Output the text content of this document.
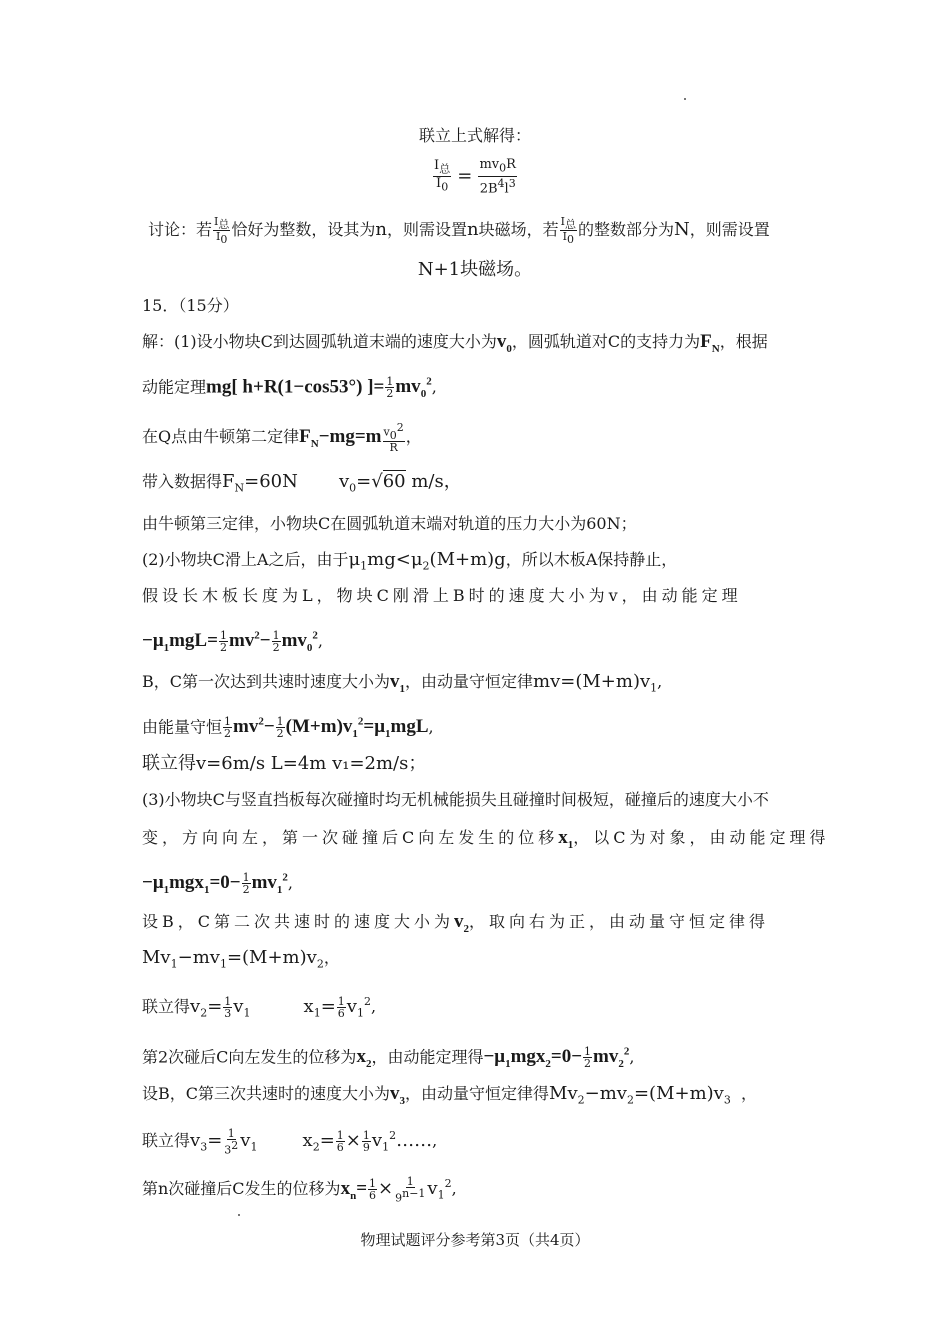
联立上式解得：
$\frac{I_总}{I_0} = \frac{mv_0R}{2B^4l^3}$
讨论：若 $\frac{I_总}{I_0}$ 恰好为整数，设其为n，则需设置n块磁场，若 $\frac{I_总}{I_0}$ 的整数部分为N，则需设置
N+1块磁场。
15．（15分）
解：(1)设小物块C到达圆弧轨道末端的速度大小为$v_0$，圆弧轨道对C的支持力为$F_N$，根据
动能定理mg[ h+R(1−cos53°) ]= $\frac{1}{2} mv_0^2$,
在Q点由牛顿第二定律$F_N-mg=m \frac{v_0^2}{R}$ ，
带入数据得$F_N=60N$ $v_0=√60$ m/s，
由牛顿第三定律，小物块C在圆弧轨道末端对轨道的压力大小为60N；
(2)小物块C滑上A之后，由于$\mu_1mg<\mu_2(M+m)g$，所以木板A保持静止，
假设长木板长度为L，物块C刚滑上B时的速度大小为v，由动能定理
$-\mu_1mgL= \frac{1}{2} mv^2- \frac{1}{2} mv_0^2$,
B，C第一次达到共速时速度大小为$v_1$，由动量守恒定律$mv=(M+m)v_1$,
由能量守恒 $\frac{1}{2} mv^2- \frac{1}{2} (M+m)v_1^2=\mu_1mgL$,
联立得v=6m/s L=4m v₁=2m/s；
(3)小物块C与竖直挡板每次碰撞时均无机械能损失且碰撞时间极短，碰撞后的速度大小不
变，方向向左，第一次碰撞后C向左发生的位移$x_1$，以C为对象，由动能定理得
$-\mu_1mgx_1=0- \frac{1}{2} mv_1^2$,
设B，C第二次共速时的速度大小为$v_2$，取向右为正，由动量守恒定律得
$Mv_1-mv_1=(M+m)v_2$，
联立得$v_2= \frac{1}{3} v_1$	$x_1= \frac{1}{6} v_1^2$,
第2次碰后C向左发生的位移为$x_2$，由动能定理得$-\mu_1mgx_2=0- \frac{1}{2} mv_2^2$,
设B，C第三次共速时的速度大小为$v_3$，由动量守恒定律得$Mv_2-mv_2=(M+m)v_3$  ，
联立得$v_3= \frac{1}{3^2} v_1$	$x_2= \frac{1}{6} \times \frac{1}{9}$ $v_1^2\dots\dots$,
第n次碰撞后C发生的位移为$x_n= \frac{1}{6} \times \frac{1}{9^{n-1}} v_1^2$,
物理试题评分参考第3页（共4页）
